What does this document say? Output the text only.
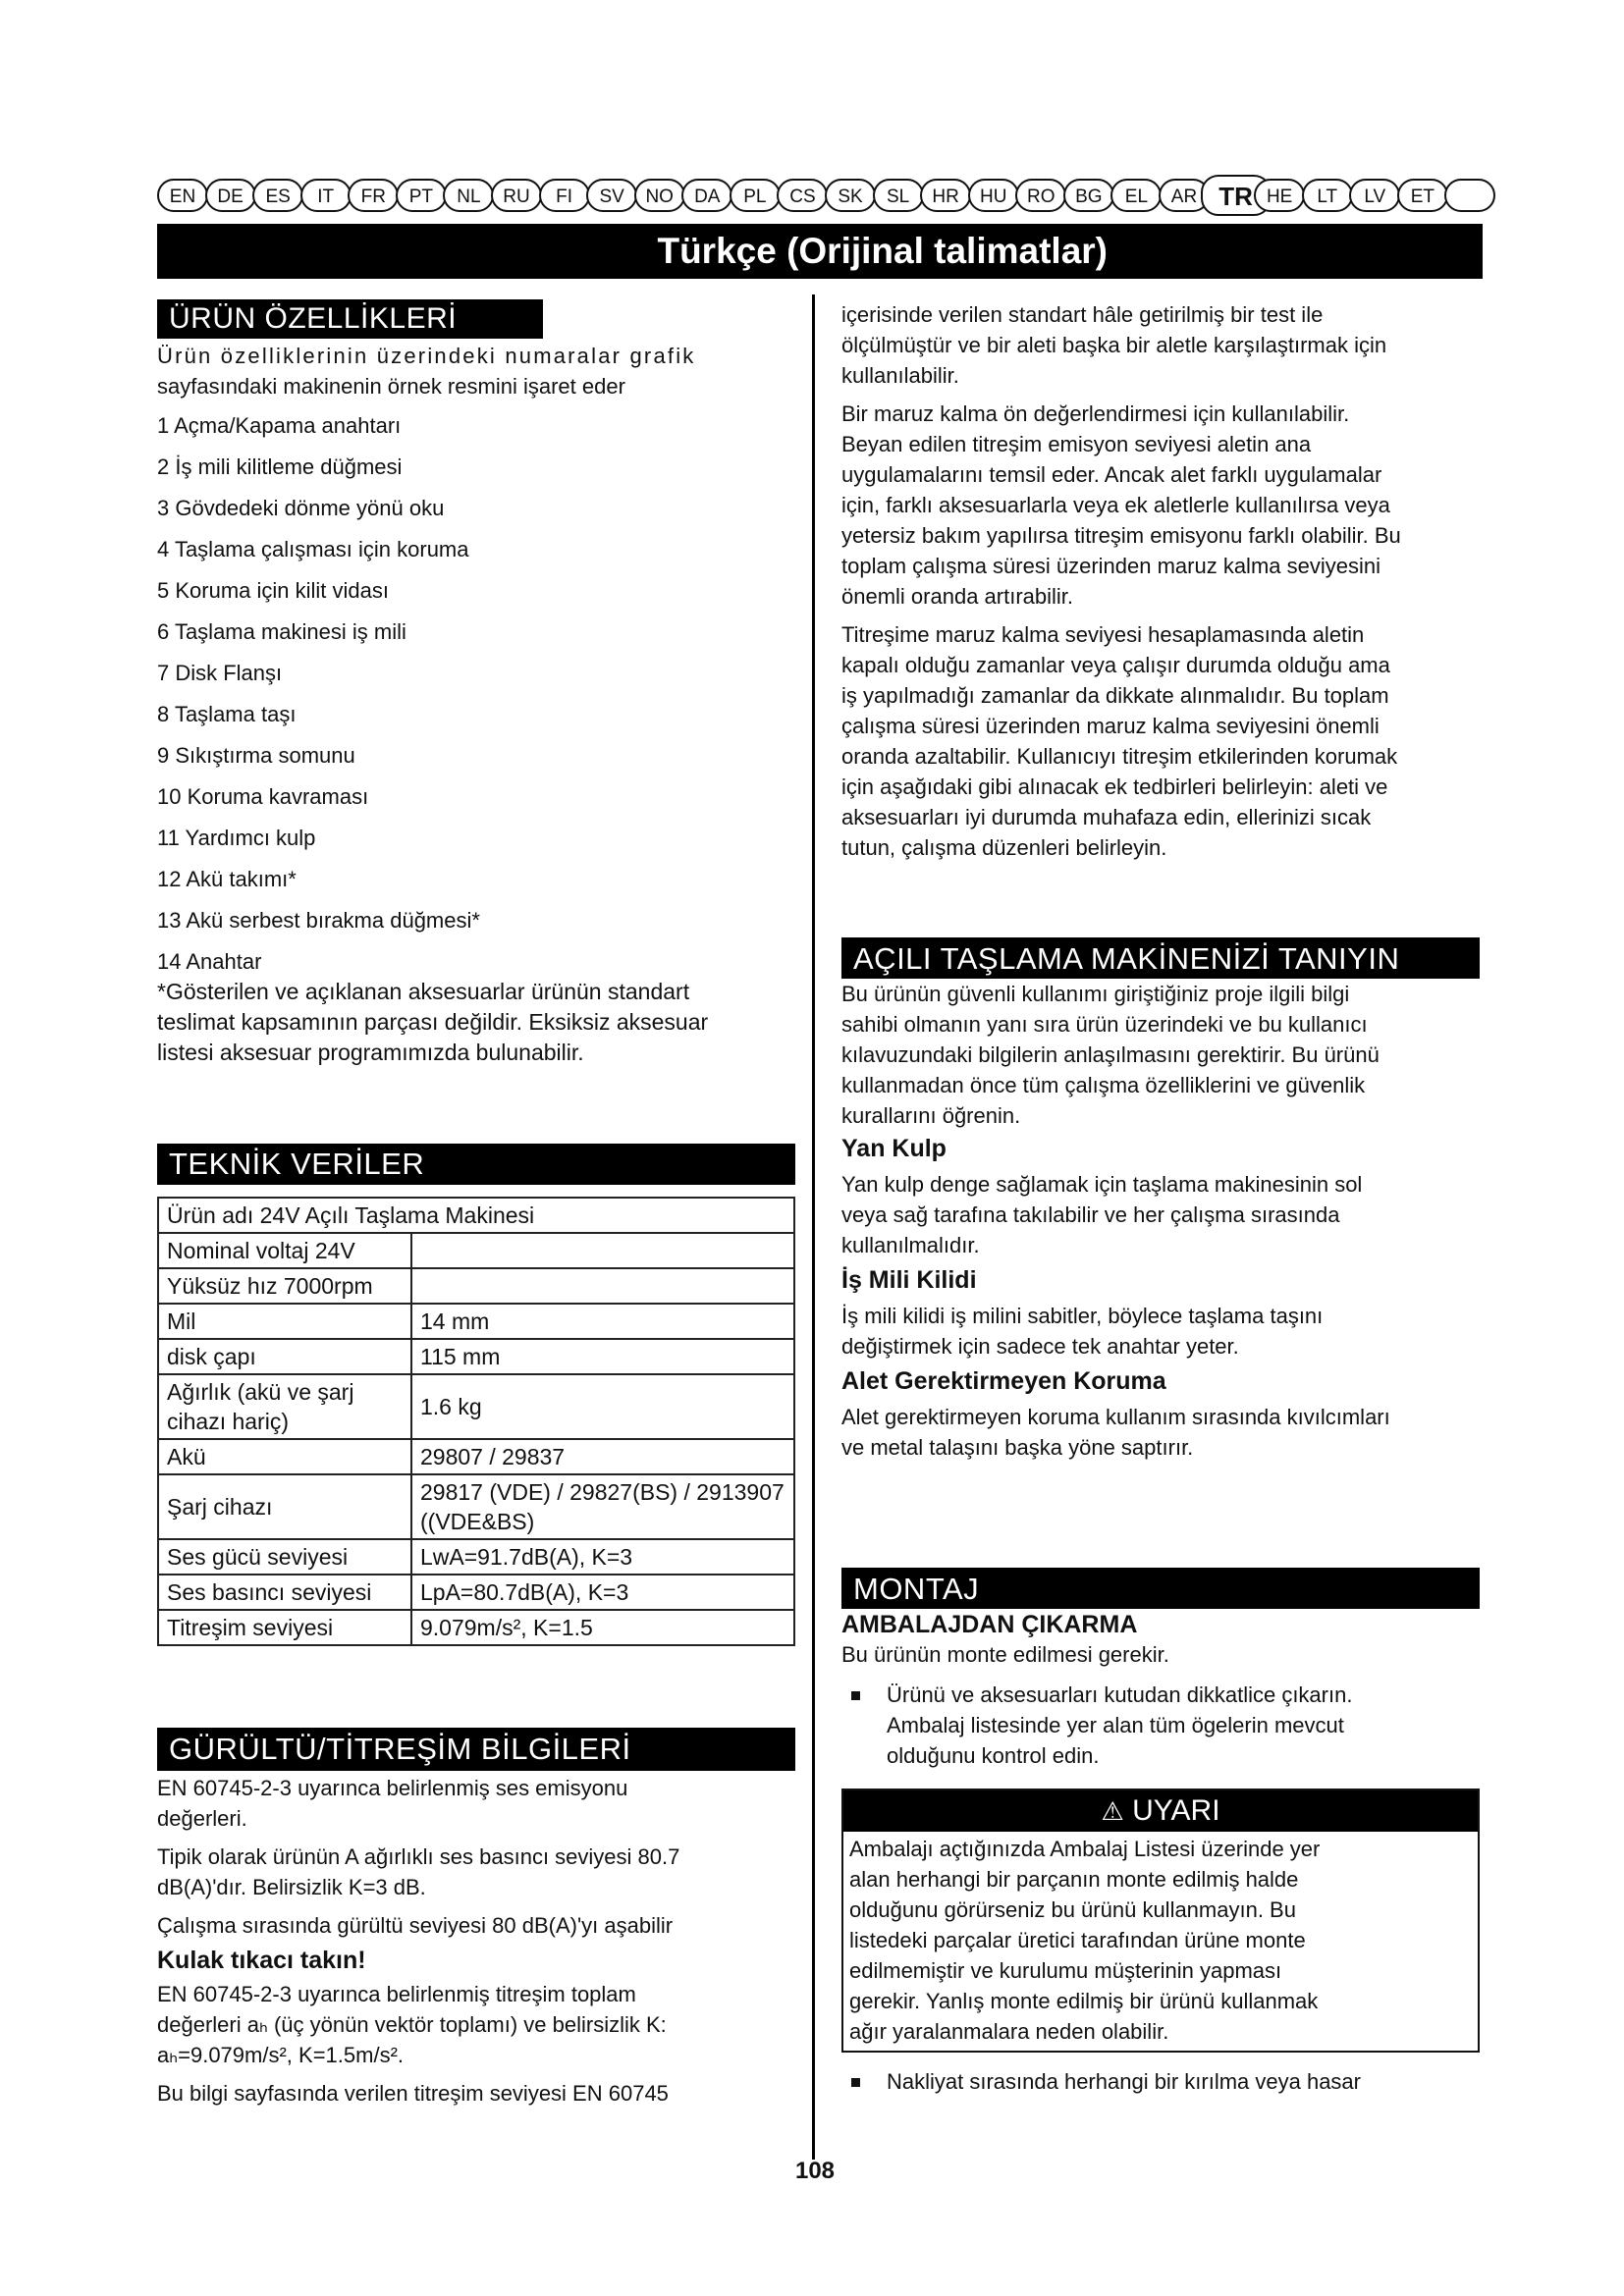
EN	DE	ES	IT	FR	PT	NL	RU	FI	SV	NO	DA	PL	CS	SK	SL	HR	HU	RO	BG	EL	AR TR HE	LT	LV	ET
Türkçe (Orijinal talimatlar)
ÜRÜN ÖZELLİKLERİ
Ürün özelliklerinin üzerindeki numaralar grafik
sayfasındaki makinenin örnek resmini işaret eder
1 Açma/Kapama anahtarı
2 İş mili kilitleme düğmesi
3 Gövdedeki dönme yönü oku
4 Taşlama çalışması için koruma
5 Koruma için kilit vidası
6 Taşlama makinesi iş mili
7 Disk Flanşı
8 Taşlama taşı
9 Sıkıştırma somunu
10 Koruma kavraması
11 Yardımcı kulp
12 Akü takımı*
13 Akü serbest bırakma düğmesi*
14 Anahtar
*Gösterilen ve açıklanan aksesuarlar ürünün standart
teslimat kapsamının parçası değildir. Eksiksiz aksesuar
listesi aksesuar programımızda bulunabilir.
TEKNİK VERİLER
Ürün adı 24V Açılı Taşlama Makinesi	
Nominal voltaj 24V	
Yüksüz hız 7000rpm	
Mil	14 mm
disk çapı	115 mm
Ağırlık (akü ve şarj cihazı hariç)	1.6 kg
Akü	29807 / 29837
Şarj cihazı	29817 (VDE) / 29827(BS) / 2913907 ((VDE&BS)
Ses gücü seviyesi	LwA=91.7dB(A), K=3
Ses basıncı seviyesi	LpA=80.7dB(A), K=3
Titreşim seviyesi	9.079m/s², K=1.5
GÜRÜLTÜ/TİTREŞİM BİLGİLERİ
EN 60745-2-3 uyarınca belirlenmiş ses emisyonu
değerleri.
Tipik olarak ürünün A ağırlıklı ses basıncı seviyesi 80.7
dB(A)'dır. Belirsizlik K=3 dB.
Çalışma sırasında gürültü seviyesi 80 dB(A)'yı aşabilir
Kulak tıkacı takın!
EN 60745-2-3 uyarınca belirlenmiş titreşim toplam
değerleri aₕ (üç yönün vektör toplamı) ve belirsizlik K:
aₕ=9.079m/s², K=1.5m/s².
Bu bilgi sayfasında verilen titreşim seviyesi EN 60745
içerisinde verilen standart hâle getirilmiş bir test ile
ölçülmüştür ve bir aleti başka bir aletle karşılaştırmak için
kullanılabilir.
Bir maruz kalma ön değerlendirmesi için kullanılabilir.
Beyan edilen titreşim emisyon seviyesi aletin ana
uygulamalarını temsil eder. Ancak alet farklı uygulamalar
için, farklı aksesuarlarla veya ek aletlerle kullanılırsa veya
yetersiz bakım yapılırsa titreşim emisyonu farklı olabilir. Bu
toplam çalışma süresi üzerinden maruz kalma seviyesini
önemli oranda artırabilir.
Titreşime maruz kalma seviyesi hesaplamasında aletin
kapalı olduğu zamanlar veya çalışır durumda olduğu ama
iş yapılmadığı zamanlar da dikkate alınmalıdır. Bu toplam
çalışma süresi üzerinden maruz kalma seviyesini önemli
oranda azaltabilir. Kullanıcıyı titreşim etkilerinden korumak
için aşağıdaki gibi alınacak ek tedbirleri belirleyin: aleti ve
aksesuarları iyi durumda muhafaza edin, ellerinizi sıcak
tutun, çalışma düzenleri belirleyin.
AÇILI TAŞLAMA MAKİNENİZİ TANIYIN
Bu ürünün güvenli kullanımı giriştiğiniz proje ilgili bilgi
sahibi olmanın yanı sıra ürün üzerindeki ve bu kullanıcı
kılavuzundaki bilgilerin anlaşılmasını gerektirir. Bu ürünü
kullanmadan önce tüm çalışma özelliklerini ve güvenlik
kurallarını öğrenin.
Yan Kulp
Yan kulp denge sağlamak için taşlama makinesinin sol
veya sağ tarafına takılabilir ve her çalışma sırasında
kullanılmalıdır.
İş Mili Kilidi
İş mili kilidi iş milini sabitler, böylece taşlama taşını
değiştirmek için sadece tek anahtar yeter.
Alet Gerektirmeyen Koruma
Alet gerektirmeyen koruma kullanım sırasında kıvılcımları
ve metal talaşını başka yöne saptırır.
MONTAJ
AMBALAJDAN ÇIKARMA
Bu ürünün monte edilmesi gerekir.
Ürünü ve aksesuarları kutudan dikkatlice çıkarın.
Ambalaj listesinde yer alan tüm ögelerin mevcut
olduğunu kontrol edin.
⚠ UYARI
Ambalajı açtığınızda Ambalaj Listesi üzerinde yer
alan herhangi bir parçanın monte edilmiş halde
olduğunu görürseniz bu ürünü kullanmayın. Bu
listedeki parçalar üretici tarafından ürüne monte
edilmemiştir ve kurulumu müşterinin yapması
gerekir. Yanlış monte edilmiş bir ürünü kullanmak
ağır yaralanmalara neden olabilir.
Nakliyat sırasında herhangi bir kırılma veya hasar
108
